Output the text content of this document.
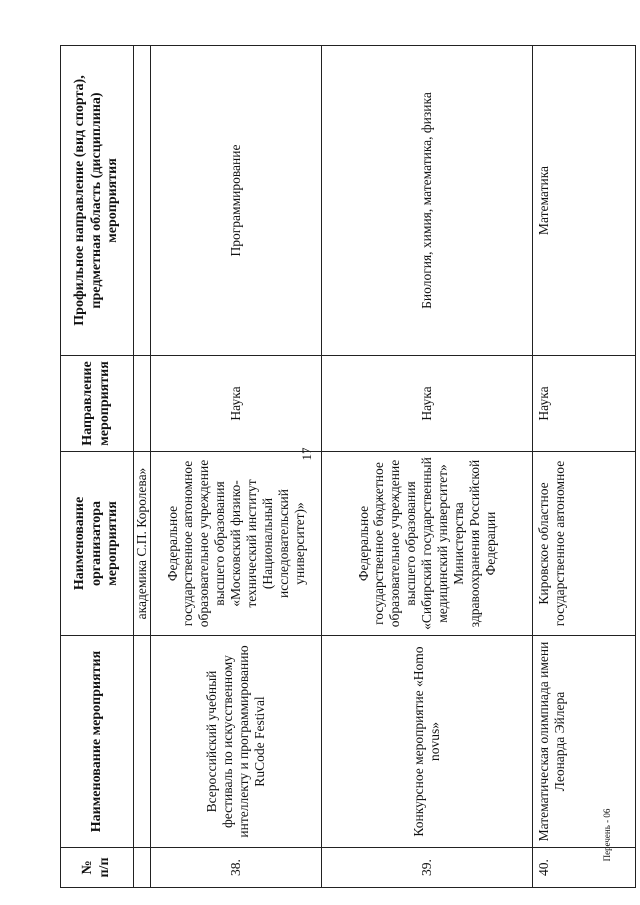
17
№ п/п	Наименование мероприятия	Наименование организатора мероприятия	Направление мероприятия	Профильное направление (вид спорта), предметная область (дисциплина) мероприятия
		академика С.П. Королева»		
38.	Всероссийский учебный фестиваль по искусственному интеллекту и программированию RuCode Festival	Федеральное государственное автономное образовательное учреждение высшего образования «Московский физико-технический институт (Национальный исследовательский университет)»	Наука	Программирование
39.	Конкурсное мероприятие «Homo novus»	Федеральное государственное бюджетное образовательное учреждение высшего образования «Сибирский государственный медицинский университет» Министерства здравоохранения Российской Федерации	Наука	Биология, химия, математика, физика
40.	Математическая олимпиада имени Леонарда Эйлера	Кировское областное государственное автономное	Наука	Математика
Перечень - 06
